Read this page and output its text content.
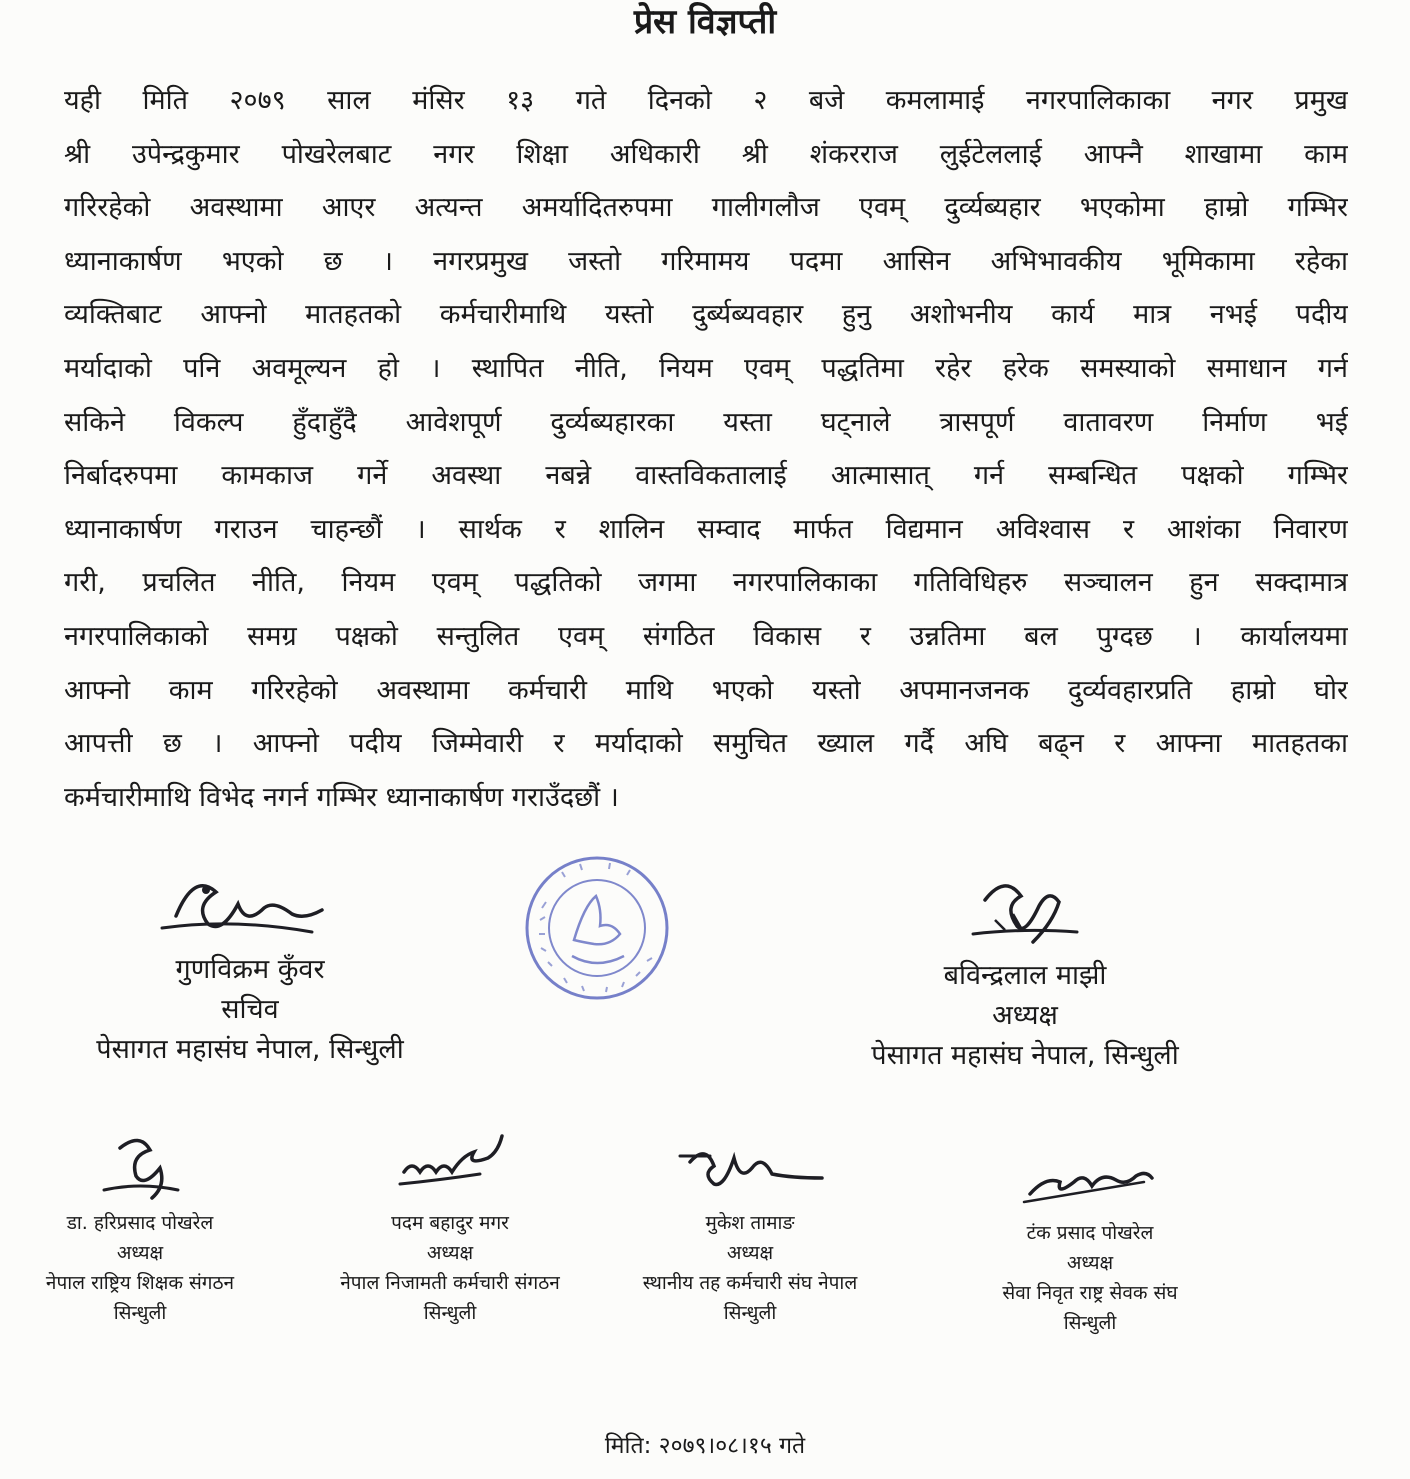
प्रेस विज्ञप्ती
यही मिति २०७९ साल मंसिर १३ गते दिनको २ बजे कमलामाई नगरपालिकाका नगर प्रमुख
श्री उपेन्द्रकुमार पोखरेलबाट नगर शिक्षा अधिकारी श्री शंकरराज लुईटेललाई आफ्नै शाखामा काम
गरिरहेको अवस्थामा आएर अत्यन्त अमर्यादितरुपमा गालीगलौज एवम् दुर्व्यब्यहार भएकोमा हाम्रो गम्भिर
ध्यानाकार्षण भएको छ । नगरप्रमुख जस्तो गरिमामय पदमा आसिन अभिभावकीय भूमिकामा रहेका
व्यक्तिबाट आफ्नो मातहतको कर्मचारीमाथि यस्तो दुर्ब्यब्यवहार हुनु अशोभनीय कार्य मात्र नभई पदीय
मर्यादाको पनि अवमूल्यन हो । स्थापित नीति, नियम एवम् पद्धतिमा रहेर हरेक समस्याको समाधान गर्न
सकिने विकल्प हुँदाहुँदै आवेशपूर्ण दुर्व्यब्यहारका यस्ता घट्नाले त्रासपूर्ण वातावरण निर्माण भई
निर्बादरुपमा कामकाज गर्ने अवस्था नबन्ने वास्तविकतालाई आत्मासात् गर्न सम्बन्धित पक्षको गम्भिर
ध्यानाकार्षण गराउन चाहन्छौं । सार्थक र शालिन सम्वाद मार्फत विद्यमान अविश्वास र आशंका निवारण
गरी, प्रचलित नीति, नियम एवम् पद्धतिको जगमा नगरपालिकाका गतिविधिहरु सञ्चालन हुन सक्दामात्र
नगरपालिकाको समग्र पक्षको सन्तुलित एवम् संगठित विकास र उन्नतिमा बल पुग्दछ । कार्यालयमा
आफ्नो काम गरिरहेको अवस्थामा कर्मचारी माथि भएको यस्तो अपमानजनक दुर्व्यवहारप्रति हाम्रो घोर
आपत्ती छ । आफ्नो पदीय जिम्मेवारी र मर्यादाको समुचित ख्याल गर्दै अघि बढ्न र आफ्ना मातहतका
कर्मचारीमाथि विभेद नगर्न गम्भिर ध्यानाकार्षण गराउँदछौं ।
गुणविक्रम कुँवर
सचिव
पेसागत महासंघ नेपाल, सिन्धुली
बविन्द्रलाल माझी
अध्यक्ष
पेसागत महासंघ नेपाल, सिन्धुली
डा. हरिप्रसाद पोखरेल
अध्यक्ष
नेपाल राष्ट्रिय शिक्षक संगठन
सिन्धुली
पदम बहादुर मगर
अध्यक्ष
नेपाल निजामती कर्मचारी संगठन
सिन्धुली
मुकेश तामाङ
अध्यक्ष
स्थानीय तह कर्मचारी संघ नेपाल
सिन्धुली
टंक प्रसाद पोखरेल
अध्यक्ष
सेवा निवृत राष्ट्र सेवक संघ
सिन्धुली
मिति: २०७९।०८।१५ गते
